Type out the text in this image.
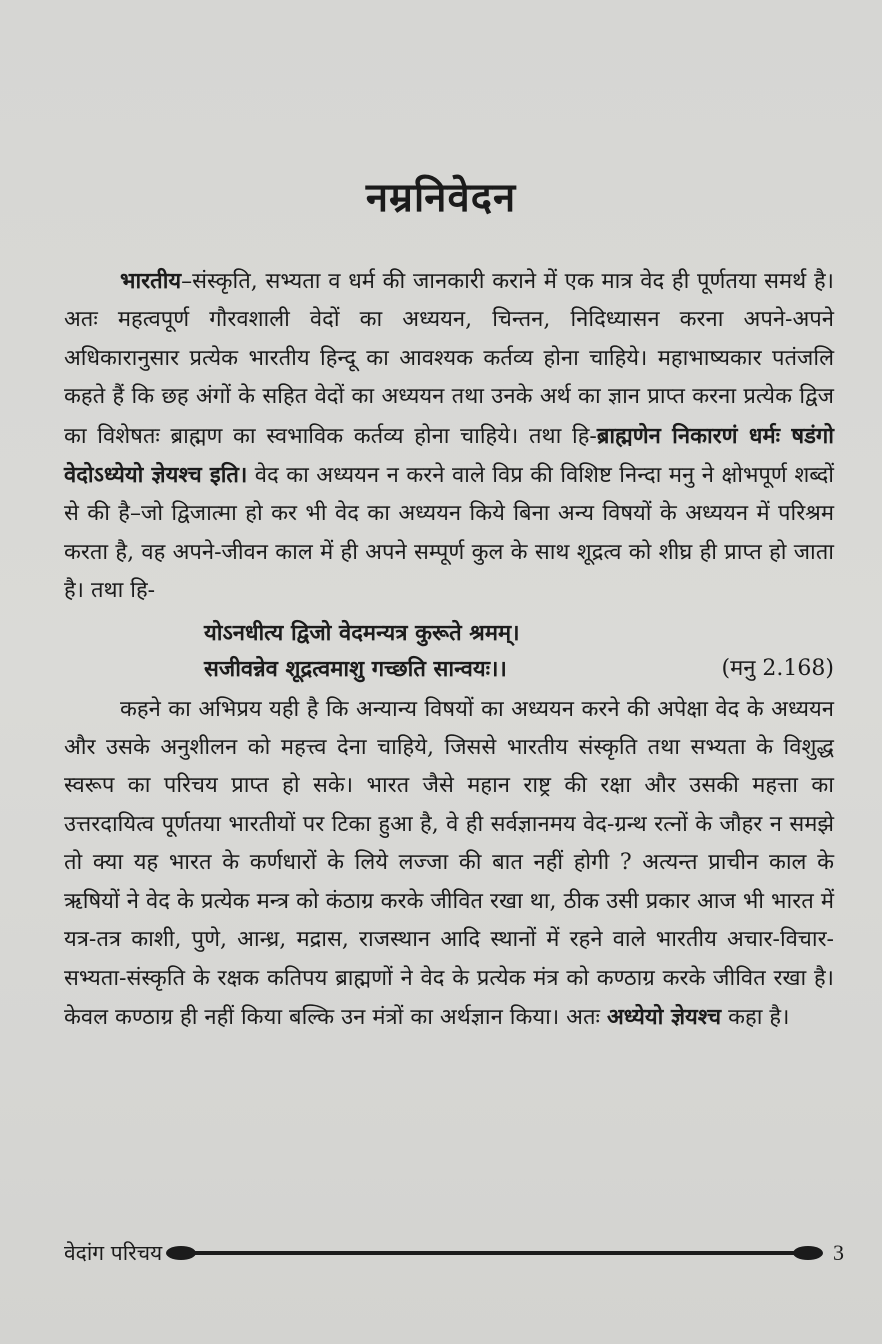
नम्रनिवेदन

भारतीय–संस्कृति, सभ्यता व धर्म की जानकारी कराने में एक मात्र वेद ही पूर्णतया समर्थ है। अतः महत्वपूर्ण गौरवशाली वेदों का अध्ययन, चिन्तन, निदिध्यासन करना अपने-अपने अधिकारानुसार प्रत्येक भारतीय हिन्दू का आवश्यक कर्तव्य होना चाहिये। महाभाष्यकार पतंजलि कहते हैं कि छह अंगों के सहित वेदों का अध्ययन तथा उनके अर्थ का ज्ञान प्राप्त करना प्रत्येक द्विज का विशेषतः ब्राह्मण का स्वभाविक कर्तव्य होना चाहिये। तथा हि-ब्राह्मणेन निकारणं धर्मः षडंगो वेदोऽध्येयो ज्ञेयश्च इति। वेद का अध्ययन न करने वाले विप्र की विशिष्ट निन्दा मनु ने क्षोभपूर्ण शब्दों से की है–जो द्विजात्मा हो कर भी वेद का अध्ययन किये बिना अन्य विषयों के अध्ययन में परिश्रम करता है, वह अपने-जीवन काल में ही अपने सम्पूर्ण कुल के साथ शूद्रत्व को शीघ्र ही प्राप्त हो जाता है। तथा हि-

योऽनधीत्य द्विजो वेदमन्यत्र कुरूते श्रमम्।
सजीवन्नेव शूद्रत्वमाशु गच्छति सान्वयः।।	(मनु 2.168)

कहने का अभिप्रय यही है कि अन्यान्य विषयों का अध्ययन करने की अपेक्षा वेद के अध्ययन और उसके अनुशीलन को महत्त्व देना चाहिये, जिससे भारतीय संस्कृति तथा सभ्यता के विशुद्ध स्वरूप का परिचय प्राप्त हो सके। भारत जैसे महान राष्ट्र की रक्षा और उसकी महत्ता का उत्तरदायित्व पूर्णतया भारतीयों पर टिका हुआ है, वे ही सर्वज्ञानमय वेद-ग्रन्थ रत्नों के जौहर न समझे तो क्या यह भारत के कर्णधारों के लिये लज्जा की बात नहीं होगी ? अत्यन्त प्राचीन काल के ऋषियों ने वेद के प्रत्येक मन्त्र को कंठाग्र करके जीवित रखा था, ठीक उसी प्रकार आज भी भारत में यत्र-तत्र काशी, पुणे, आन्ध्र, मद्रास, राजस्थान आदि स्थानों में रहने वाले भारतीय अचार-विचार-सभ्यता-संस्कृति के रक्षक कतिपय ब्राह्मणों ने वेद के प्रत्येक मंत्र को कण्ठाग्र करके जीवित रखा है। केवल कण्ठाग्र ही नहीं किया बल्कि उन मंत्रों का अर्थज्ञान किया। अतः अध्येयो ज्ञेयश्च कहा है।

वेदांग परिचय	3
